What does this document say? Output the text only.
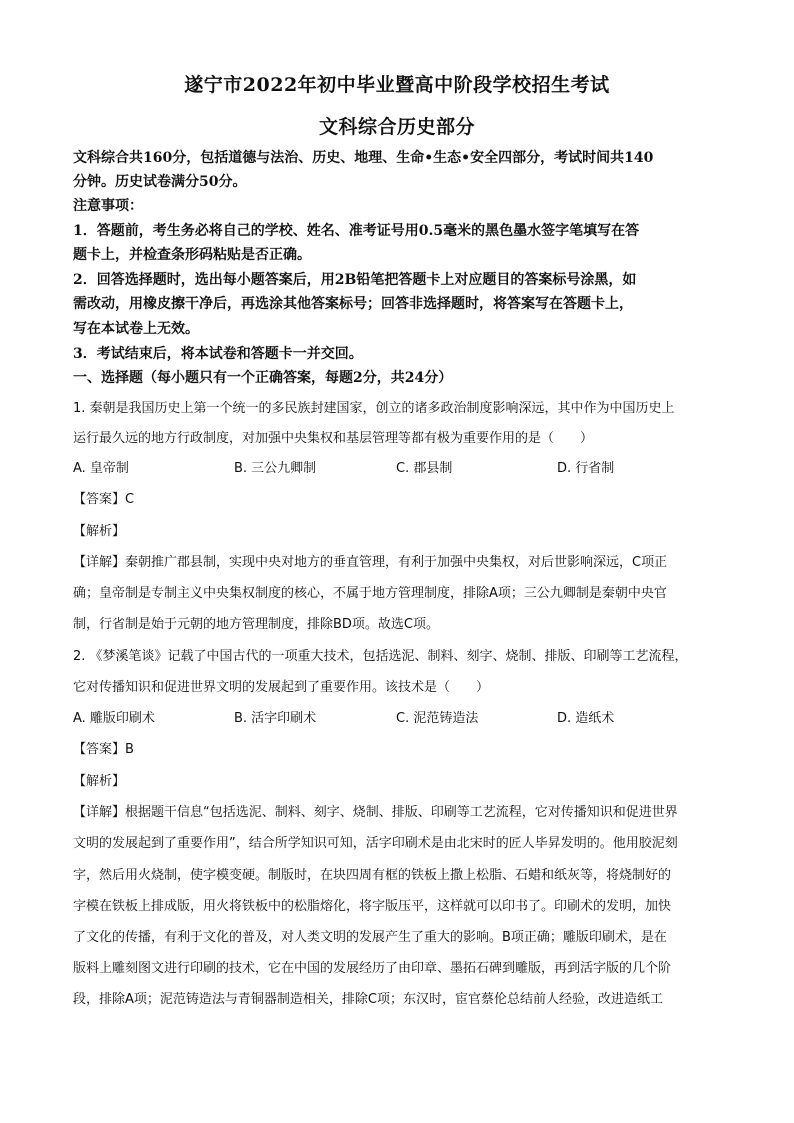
遂宁市2022年初中毕业暨高中阶段学校招生考试
文科综合历史部分
文科综合共160分，包括道德与法治、历史、地理、生命•生态•安全四部分，考试时间共140
分钟。历史试卷满分50分。
注意事项：
1．答题前，考生务必将自己的学校、姓名、准考证号用0.5毫米的黑色墨水签字笔填写在答
题卡上，并检查条形码粘贴是否正确。
2．回答选择题时，选出每小题答案后，用2B铅笔把答题卡上对应题目的答案标号涂黑，如
需改动，用橡皮擦干净后，再选涂其他答案标号；回答非选择题时，将答案写在答题卡上，
写在本试卷上无效。
3．考试结束后，将本试卷和答题卡一并交回。
一、选择题（每小题只有一个正确答案，每题2分，共24分）
1. 秦朝是我国历史上第一个统一的多民族封建国家，创立的诸多政治制度影响深远，其中作为中国历史上
运行最久远的地方行政制度，对加强中央集权和基层管理等都有极为重要作用的是（　　）
A. 皇帝制	B. 三公九卿制	C. 郡县制	D. 行省制
【答案】C
【解析】
【详解】秦朝推广郡县制，实现中央对地方的垂直管理，有利于加强中央集权，对后世影响深远，C项正
确；皇帝制是专制主义中央集权制度的核心，不属于地方管理制度，排除A项；三公九卿制是秦朝中央官
制，行省制是始于元朝的地方管理制度，排除BD项。故选C项。
2. 《梦溪笔谈》记载了中国古代的一项重大技术，包括选泥、制料、刻字、烧制、排版、印刷等工艺流程，
它对传播知识和促进世界文明的发展起到了重要作用。该技术是（　　）
A. 雕版印刷术	B. 活字印刷术	C. 泥范铸造法	D. 造纸术
【答案】B
【解析】
【详解】根据题干信息“包括选泥、制料、刻字、烧制、排版、印刷等工艺流程，它对传播知识和促进世界
文明的发展起到了重要作用”，结合所学知识可知，活字印刷术是由北宋时的匠人毕昇发明的。他用胶泥刻
字，然后用火烧制，使字模变硬。制版时，在块四周有框的铁板上撒上松脂、石蜡和纸灰等，将烧制好的
字模在铁板上排成版，用火将铁板中的松脂熔化，将字版压平，这样就可以印书了。印刷术的发明，加快
了文化的传播，有利于文化的普及，对人类文明的发展产生了重大的影响。B项正确；雕版印刷术，是在
版料上雕刻图文进行印刷的技术，它在中国的发展经历了由印章、墨拓石碑到雕版，再到活字版的几个阶
段，排除A项；泥范铸造法与青铜器制造相关，排除C项；东汉时，宦官蔡伦总结前人经验，改进造纸工
